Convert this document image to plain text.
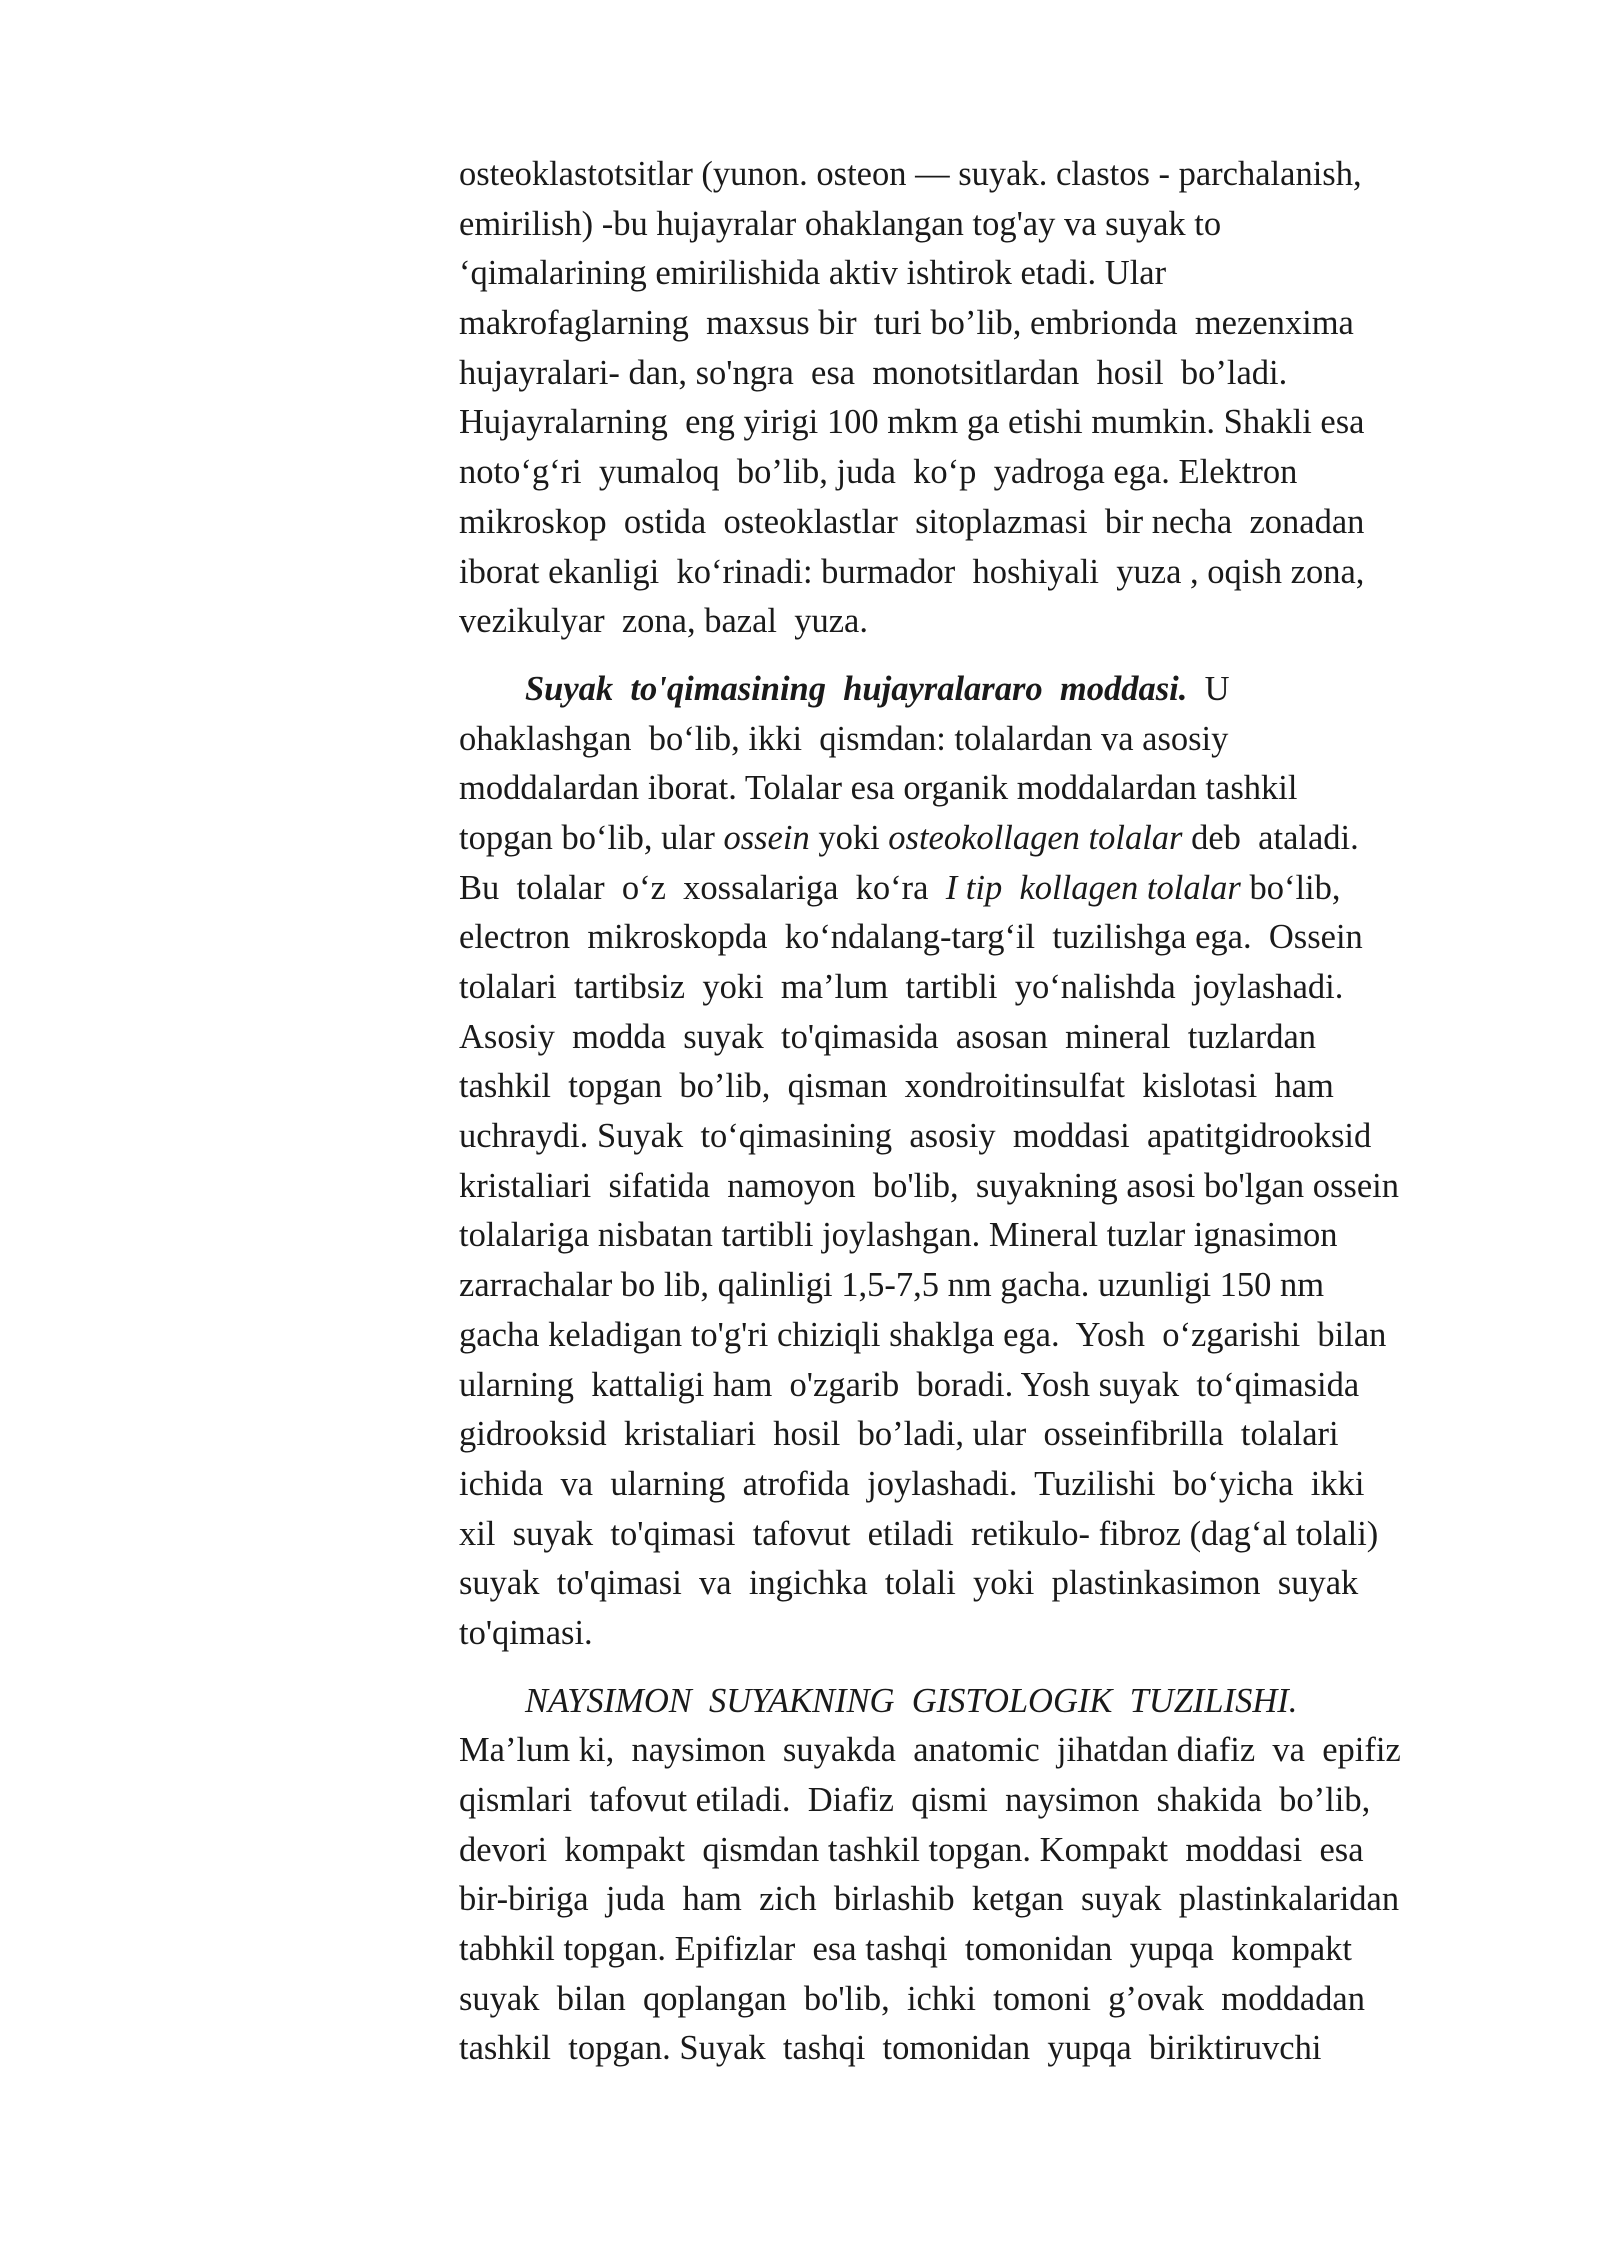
osteoklastotsitlar (yunon. osteon — suyak. clastos - parchalanish,
emirilish) -bu hujayralar ohaklangan tog'ay va suyak to
‘qimalarining emirilishida aktiv ishtirok etadi. Ular
makrofaglarning  maxsus bir  turi bo’lib, embrionda  mezenxima
hujayralari- dan, so'ngra  esa  monotsitlardan  hosil  bo’ladi.
Hujayralarning  eng yirigi 100 mkm ga etishi mumkin. Shakli esa
noto‘g‘ri  yumaloq  bo’lib, juda  ko‘p  yadroga ega. Elektron
mikroskop  ostida  osteoklastlar  sitoplazmasi  bir necha  zonadan
iborat ekanligi  ko‘rinadi: burmador  hoshiyali  yuza , oqish zona,
vezikulyar  zona, bazal  yuza.
Suyak  to'qimasining  hujayralararo  moddasi.  U
ohaklashgan  bo‘lib, ikki  qismdan: tolalardan va asosiy
moddalardan iborat. Tolalar esa organik moddalardan tashkil
topgan bo‘lib, ular ossein yoki osteokollagen tolalar deb  ataladi.
Bu  tolalar  o‘z  xossalariga  ko‘ra  I tip  kollagen tolalar bo‘lib,
electron  mikroskopda  ko‘ndalang-targ‘il  tuzilishga ega.  Ossein
tolalari  tartibsiz  yoki  ma’lum  tartibli  yo‘nalishda  joylashadi.
Asosiy  modda  suyak  to'qimasida  asosan  mineral  tuzlardan
tashkil  topgan  bo’lib,  qisman  xondroitinsulfat  kislotasi  ham
uchraydi. Suyak  to‘qimasining  asosiy  moddasi  apatitgidrooksid
kristaliari  sifatida  namoyon  bo'lib,  suyakning asosi bo'lgan ossein
tolalariga nisbatan tartibli joylashgan. Mineral tuzlar ignasimon
zarrachalar bo lib, qalinligi 1,5-7,5 nm gacha. uzunligi 150 nm
gacha keladigan to'g'ri chiziqli shaklga ega.  Yosh  o‘zgarishi  bilan
ularning  kattaligi ham  o'zgarib  boradi. Yosh suyak  to‘qimasida
gidrooksid  kristaliari  hosil  bo’ladi, ular  osseinfibrilla  tolalari
ichida  va  ularning  atrofida  joylashadi.  Tuzilishi  bo‘yicha  ikki
xil  suyak  to'qimasi  tafovut  etiladi  retikulo- fibroz (dag‘al tolali)
suyak  to'qimasi  va  ingichka  tolali  yoki  plastinkasimon  suyak
to'qimasi.
NAYSIMON  SUYAKNING  GISTOLOGIK  TUZILISHI.
Ma’lum ki,  naysimon  suyakda  anatomic  jihatdan diafiz  va  epifiz
qismlari  tafovut etiladi.  Diafiz  qismi  naysimon  shakida  bo’lib,
devori  kompakt  qismdan tashkil topgan. Kompakt  moddasi  esa
bir-biriga  juda  ham  zich  birlashib  ketgan  suyak  plastinkalaridan
tabhkil topgan. Epifizlar  esa tashqi  tomonidan  yupqa  kompakt
suyak  bilan  qoplangan  bo'lib,  ichki  tomoni  g’ovak  moddadan
tashkil  topgan. Suyak  tashqi  tomonidan  yupqa  biriktiruvchi
